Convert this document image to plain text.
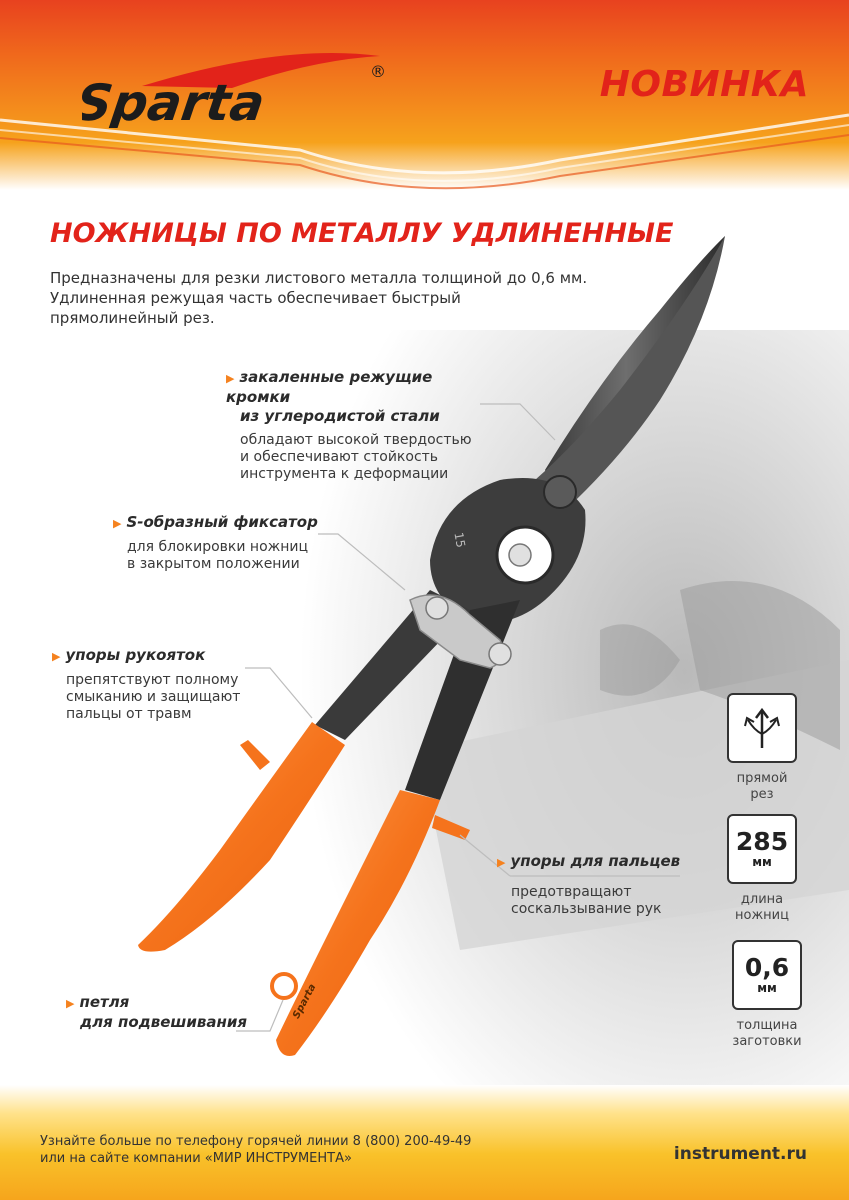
Sparta
®	НОВИНКА
НОЖНИЦЫ ПО МЕТАЛЛУ УДЛИНЕННЫЕ
Предназначены для резки листового металла толщиной до 0,6 мм.
Удлиненная режущая часть обеспечивает быстрый
прямолинейный рез.
15
Sparta
▶ закаленные режущие кромки
из углеродистой стали
обладают высокой твердостью
и обеспечивают стойкость
инструмента к деформации
▶ S-образный фиксатор
для блокировки ножниц
в закрытом положении
▶ упоры рукояток
препятствуют полному
смыканию и защищают
пальцы от травм
▶ упоры для пальцев
предотвращают
соскальзывание рук
▶ петля
для подвешивания
прямой
рез
285
мм
длина
ножниц
0,6
мм
толщина
заготовки
Узнайте больше по телефону горячей линии 8 (800) 200-49-49
или на сайте компании «МИР ИНСТРУМЕНТА»	instrument.ru
